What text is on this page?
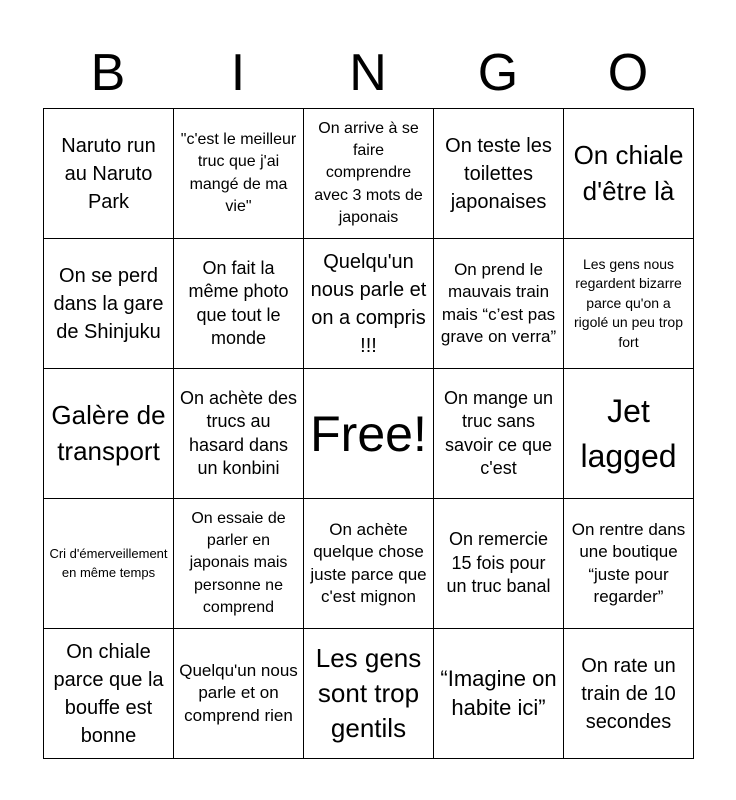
B	I	N	G	O
Naruto run au Naruto Park	"c'est le meilleur truc que j'ai mangé de ma vie"	On arrive à se faire comprendre avec 3 mots de japonais	On teste les toilettes japonaises	On chiale d'être là

On se perd dans la gare de Shinjuku	On fait la même photo que tout le monde	Quelqu'un nous parle et on a compris !!!	On prend le mauvais train mais “c’est pas grave on verra”	Les gens nous regardent bizarre parce qu'on a rigolé un peu trop fort

Galère de transport	On achète des trucs au hasard dans un konbini	Free!	On mange un truc sans savoir ce que c'est	Jet lagged

Cri d'émerveillement en même temps	On essaie de parler en japonais mais personne ne comprend	On achète quelque chose juste parce que c'est mignon	On remercie 15 fois pour un truc banal	On rentre dans une boutique “juste pour regarder”

On chiale parce que la bouffe est bonne	Quelqu'un nous parle et on comprend rien	Les gens sont trop gentils	“Imagine on habite ici”	On rate un train de 10 secondes
